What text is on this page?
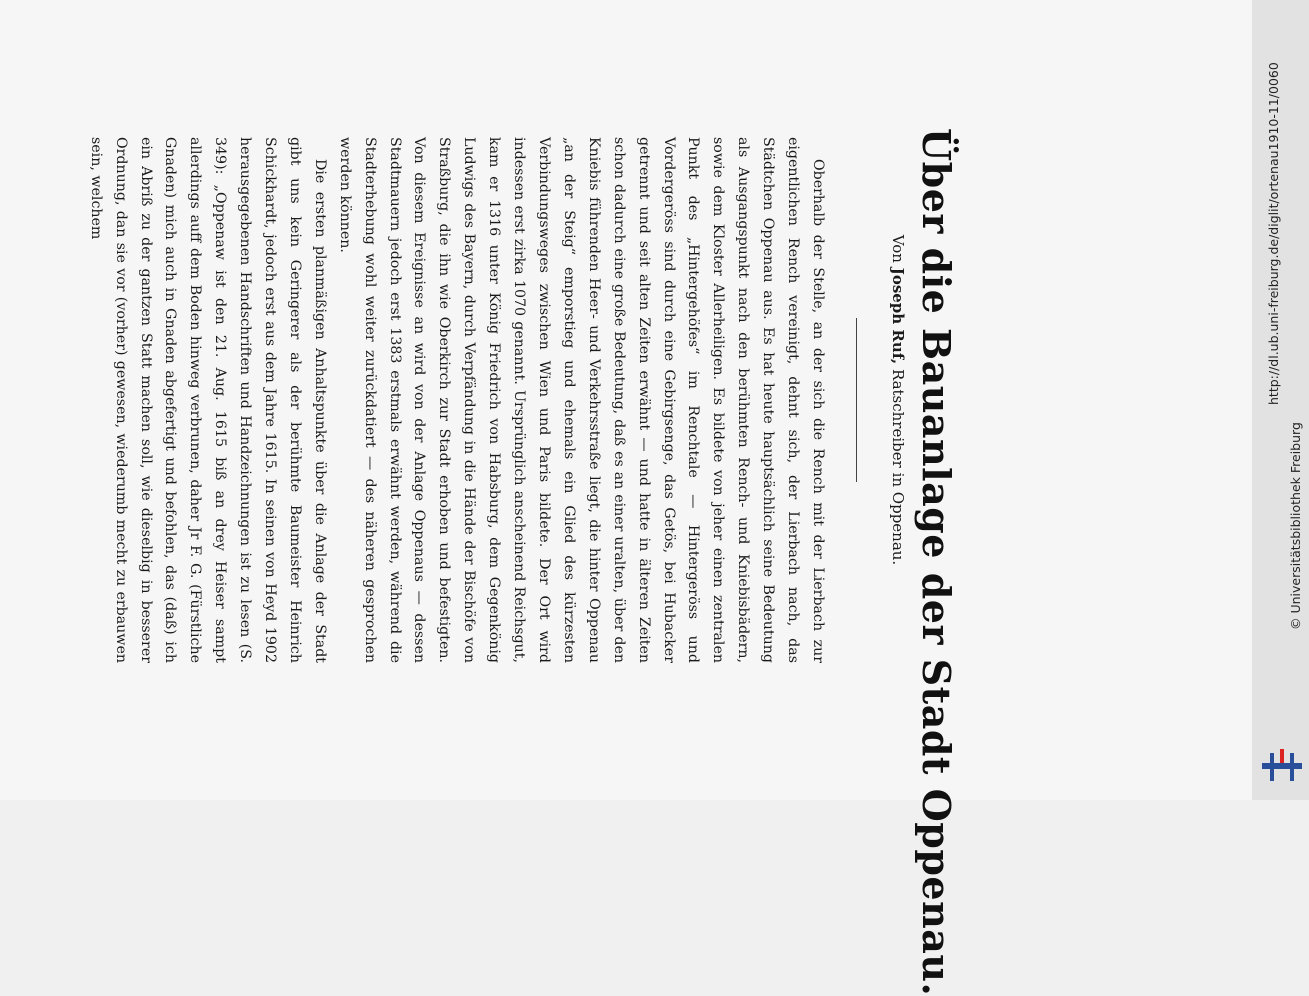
Über die Bauanlage der Stadt Oppenau.
Von Joseph Ruf, Ratschreiber in Oppenau.

Oberhalb der Stelle, an der sich die Rench mit der Lierbach zur eigentlichen Rench vereinigt, dehnt sich, der Lierbach nach, das Städtchen Oppenau aus. Es hat heute hauptsächlich seine Bedeutung als Ausgangspunkt nach den berühmten Rench- und Kniebisbädern, sowie dem Kloster Allerheiligen. Es bildete von jeher einen zentralen Punkt des „Hintergehöfes“ im Renchtale — Hintergeröss und Vordergeröss sind durch eine Gebirgsenge, das Getös, bei Hubacker getrennt und seit alten Zeiten erwähnt — und hatte in älteren Zeiten schon dadurch eine große Bedeutung, daß es an einer uralten, über den Kniebis führenden Heer- und Verkehrsstraße liegt, die hinter Oppenau „an der Steig“ emporstieg und ehemals ein Glied des kürzesten Verbindungsweges zwischen Wien und Paris bildete. Der Ort wird indessen erst zirka 1070 genannt. Ursprünglich anscheinend Reichsgut, kam er 1316 unter König Friedrich von Habsburg, dem Gegenkönig Ludwigs des Bayern, durch Verpfändung in die Hände der Bischöfe von Straßburg, die ihn wie Oberkirch zur Stadt erhoben und befestigten. Von diesem Ereignisse an wird von der Anlage Oppenaus — dessen Stadtmauern jedoch erst 1383 erstmals erwähnt werden, während die Stadterhebung wohl weiter zurückdatiert — des näheren gesprochen werden können.

Die ersten planmäßigen Anhaltspunkte über die Anlage der Stadt gibt uns kein Geringerer als der berühmte Baumeister Heinrich Schickhardt, jedoch erst aus dem Jahre 1615. In seinen von Heyd 1902 herausgegebenen Handschriften und Handzeichnungen ist zu lesen (S. 349): „Oppenaw ist den 21. Aug. 1615 biß an drey Heiser sampt allerdings auff dem Boden hinweg verbrunen, daher Jr F. G. (Fürstliche Gnaden) mich auch in Gnaden abgefertigt und befohlen, das (daß) ich ein Abriß zu der gantzen Statt machen soll, wie dieselbig in besserer Ordnung, dan sie vor (vorher) gewesen, wiederumb mecht zu erbauwen sein, welchem	http://dl.ub.uni-freiburg.de/diglit/ortenau1910-11/0060
© Universitätsbibliothek Freiburg
